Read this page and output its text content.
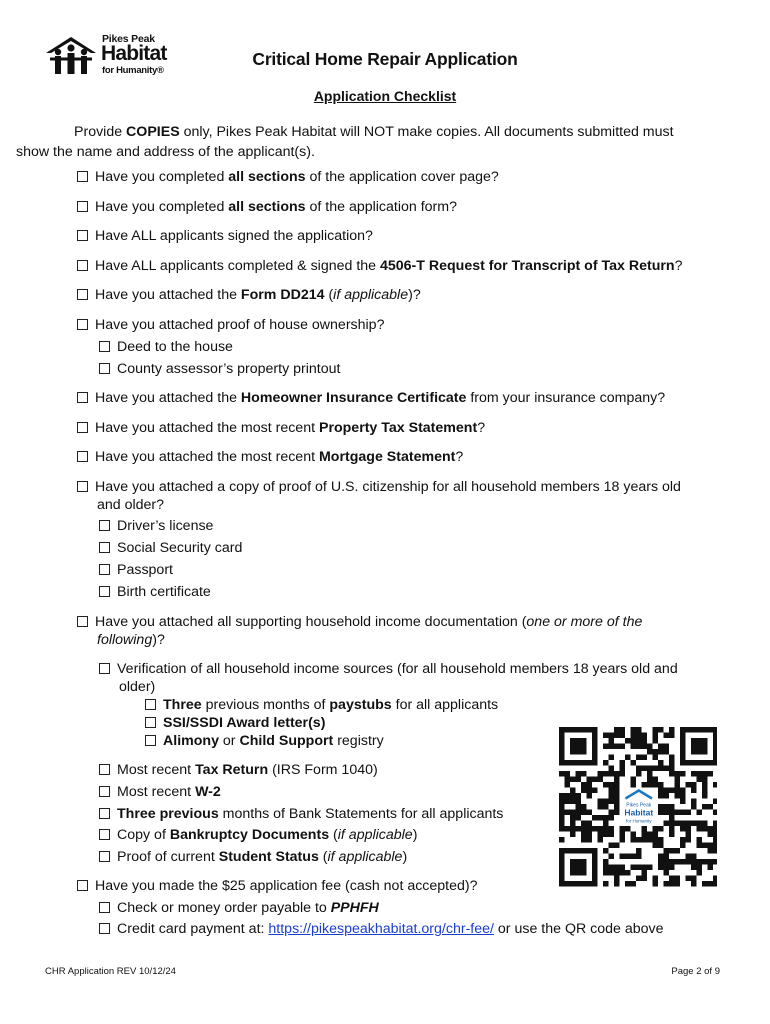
Pikes Peak
Habitat
for Humanity®
Critical Home Repair Application
Application Checklist
Provide COPIES only, Pikes Peak Habitat will NOT make copies. All documents submitted must
show the name and address of the applicant(s).
Have you completed all sections of the application cover page?
Have you completed all sections of the application form?
Have ALL applicants signed the application?
Have ALL applicants completed & signed the 4506-T Request for Transcript of Tax Return?
Have you attached the Form DD214 (if applicable)?
Have you attached proof of house ownership?
Deed to the house
County assessor’s property printout
Have you attached the Homeowner Insurance Certificate from your insurance company?
Have you attached the most recent Property Tax Statement?
Have you attached the most recent Mortgage Statement?
Have you attached a copy of proof of U.S. citizenship for all household members 18 years old
and older?
Driver’s license
Social Security card
Passport
Birth certificate
Have you attached all supporting household income documentation (one or more of the
following)?
Verification of all household income sources (for all household members 18 years old and
older)
Three previous months of paystubs for all applicants
SSI/SSDI Award letter(s)
Alimony or Child Support registry
Most recent Tax Return (IRS Form 1040)
Most recent W-2
Three previous months of Bank Statements for all applicants
Copy of Bankruptcy Documents (if applicable)
Proof of current Student Status (if applicable)
Have you made the $25 application fee (cash not accepted)?
Check or money order payable to PPHFH
Credit card payment at: https://pikespeakhabitat.org/chr-fee/ or use the QR code above
Pikes Peak
Habitat
for Humanity
CHR Application REV 10/12/24	Page 2 of 9
